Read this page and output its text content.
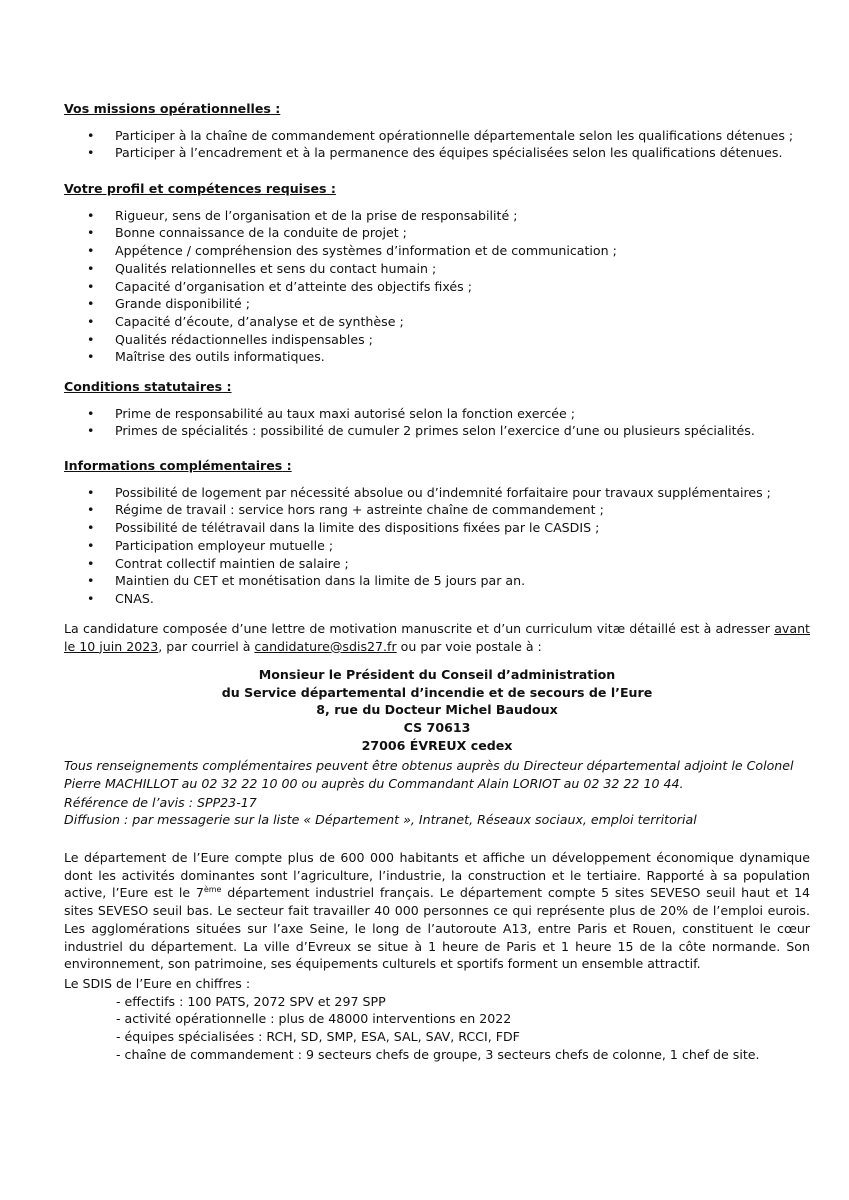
Vos missions opérationnelles :

• Participer à la chaîne de commandement opérationnelle départementale selon les qualifications détenues ;
• Participer à l’encadrement et à la permanence des équipes spécialisées selon les qualifications détenues.

Votre profil et compétences requises :

• Rigueur, sens de l’organisation et de la prise de responsabilité ;
• Bonne connaissance de la conduite de projet ;
• Appétence / compréhension des systèmes d’information et de communication ;
• Qualités relationnelles et sens du contact humain ;
• Capacité d’organisation et d’atteinte des objectifs fixés ;
• Grande disponibilité ;
• Capacité d’écoute, d’analyse et de synthèse ;
• Qualités rédactionnelles indispensables ;
• Maîtrise des outils informatiques.

Conditions statutaires :

• Prime de responsabilité au taux maxi autorisé selon la fonction exercée ;
• Primes de spécialités : possibilité de cumuler 2 primes selon l’exercice d’une ou plusieurs spécialités.

Informations complémentaires :

• Possibilité de logement par nécessité absolue ou d’indemnité forfaitaire pour travaux supplémentaires ;
• Régime de travail : service hors rang + astreinte chaîne de commandement ;
• Possibilité de télétravail dans la limite des dispositions fixées par le CASDIS ;
• Participation employeur mutuelle ;
• Contrat collectif maintien de salaire ;
• Maintien du CET et monétisation dans la limite de 5 jours par an.
• CNAS.

La candidature composée d’une lettre de motivation manuscrite et d’un curriculum vitæ détaillé est à adresser avant le 10 juin 2023, par courriel à candidature@sdis27.fr ou par voie postale à :

Monsieur le Président du Conseil d’administration
du Service départemental d’incendie et de secours de l’Eure
8, rue du Docteur Michel Baudoux
CS 70613
27006 ÉVREUX cedex

Tous renseignements complémentaires peuvent être obtenus auprès du Directeur départemental adjoint le Colonel Pierre MACHILLOT au 02 32 22 10 00 ou auprès du Commandant Alain LORIOT au 02 32 22 10 44.

Référence de l’avis : SPP23-17

Diffusion : par messagerie sur la liste « Département », Intranet, Réseaux sociaux, emploi territorial

Le département de l’Eure compte plus de 600 000 habitants et affiche un développement économique dynamique dont les activités dominantes sont l’agriculture, l’industrie, la construction et le tertiaire. Rapporté à sa population active, l’Eure est le 7ème département industriel français. Le département compte 5 sites SEVESO seuil haut et 14 sites SEVESO seuil bas. Le secteur fait travailler 40 000 personnes ce qui représente plus de 20% de l’emploi eurois. Les agglomérations situées sur l’axe Seine, le long de l’autoroute A13, entre Paris et Rouen, constituent le cœur industriel du département. La ville d’Evreux se situe à 1 heure de Paris et 1 heure 15 de la côte normande. Son environnement, son patrimoine, ses équipements culturels et sportifs forment un ensemble attractif.

Le SDIS de l’Eure en chiffres :
- effectifs : 100 PATS, 2072 SPV et 297 SPP
- activité opérationnelle : plus de 48000 interventions en 2022
- équipes spécialisées : RCH, SD, SMP, ESA, SAL, SAV, RCCI, FDF
- chaîne de commandement : 9 secteurs chefs de groupe, 3 secteurs chefs de colonne, 1 chef de site.
